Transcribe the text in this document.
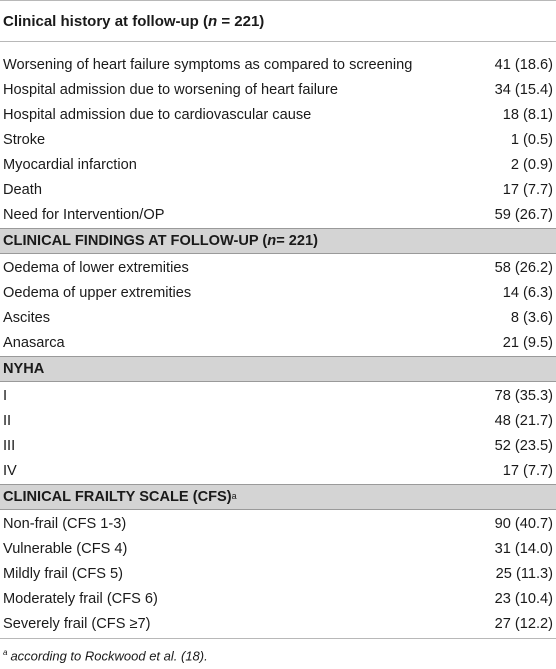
Clinical history at follow-up (n = 221)
Worsening of heart failure symptoms as compared to screening	41 (18.6)
Hospital admission due to worsening of heart failure	34 (15.4)
Hospital admission due to cardiovascular cause	18 (8.1)
Stroke	1 (0.5)
Myocardial infarction	2 (0.9)
Death	17 (7.7)
Need for Intervention/OP	59 (26.7)
CLINICAL FINDINGS AT FOLLOW-UP ( n = 221)
Oedema of lower extremities	58 (26.2)
Oedema of upper extremities	14 (6.3)
Ascites	8 (3.6)
Anasarca	21 (9.5)
NYHA
I	78 (35.3)
II	48 (21.7)
III	52 (23.5)
IV	17 (7.7)
CLINICAL FRAILTY SCALE (CFS)$^a$
Non-frail (CFS 1-3)	90 (40.7)
Vulnerable (CFS 4)	31 (14.0)
Mildly frail (CFS 5)	25 (11.3)
Moderately frail (CFS 6)	23 (10.4)
Severely frail (CFS ≥7)	27 (12.2)
$^a$ according to Rockwood et al. (18).
